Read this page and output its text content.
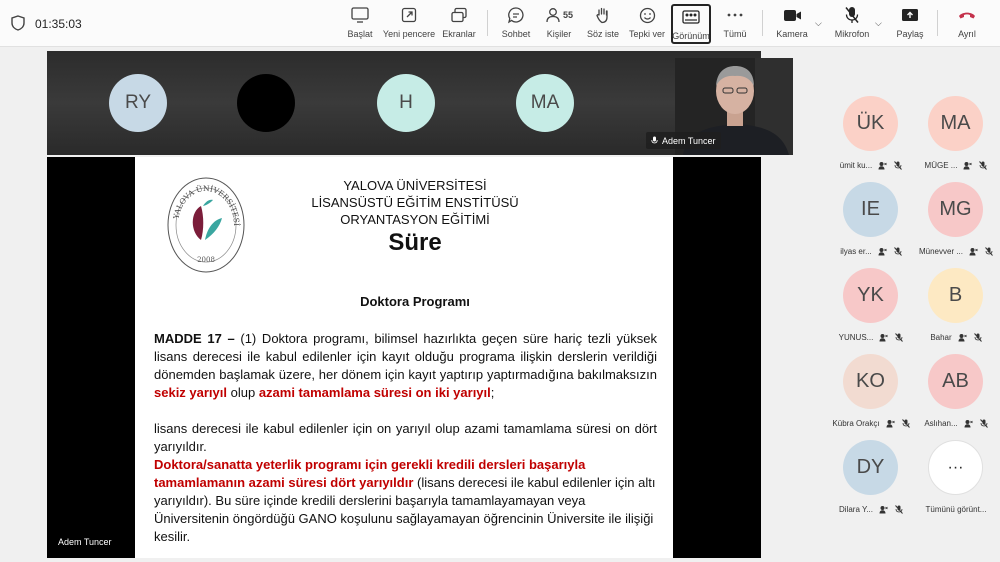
01:35:03
Başlat Yeni pencere Ekranlar	Sohbet
55
Kişiler Söz iste Tepki ver Görünüm Tümü	Kamera
⌵
Mikrofon
⌵
Paylaş	Ayrıl
RY	H	MA
Adem Tuncer
YALOVA ÜNİVERSİTESİ
2008
YALOVA ÜNİVERSİTESİ
LİSANSÜSTÜ EĞİTİM ENSTİTÜSÜ
ORYANTASYON EĞİTİMİ
Süre
Doktora Programı
MADDE 17 – (1) Doktora programı, bilimsel hazırlıkta geçen süre hariç tezli yüksek lisans derecesi ile kabul edilenler için kayıt olduğu programa ilişkin derslerin verildiği dönemden başlamak üzere, her dönem için kayıt yaptırıp yaptırmadığına bakılmaksızın sekiz yarıyıl olup azami tamamlama süresi on iki yarıyıl;
lisans derecesi ile kabul edilenler için on yarıyıl olup azami tamamlama süresi on dört yarıyıldır.
Doktora/sanatta yeterlik programı için gerekli kredili dersleri başarıyla tamamlamanın azami süresi dört yarıyıldır (lisans derecesi ile kabul edilenler için altı yarıyıldır). Bu süre içinde kredili derslerini başarıyla tamamlayamayan veya Üniversitenin öngördüğü GANO koşulunu sağlayamayan öğrencinin Üniversite ile ilişiği kesilir.
Adem Tuncer
ÜK
ümit ku...
MA
MÜGE ...
IE
ilyas er...
MG
Münevver ...
YK
YUNUS...
B
Bahar
KO
Kübra Orakçı
AB
Aslıhan...
DY
Dilara Y...
···
Tümünü görünt...
